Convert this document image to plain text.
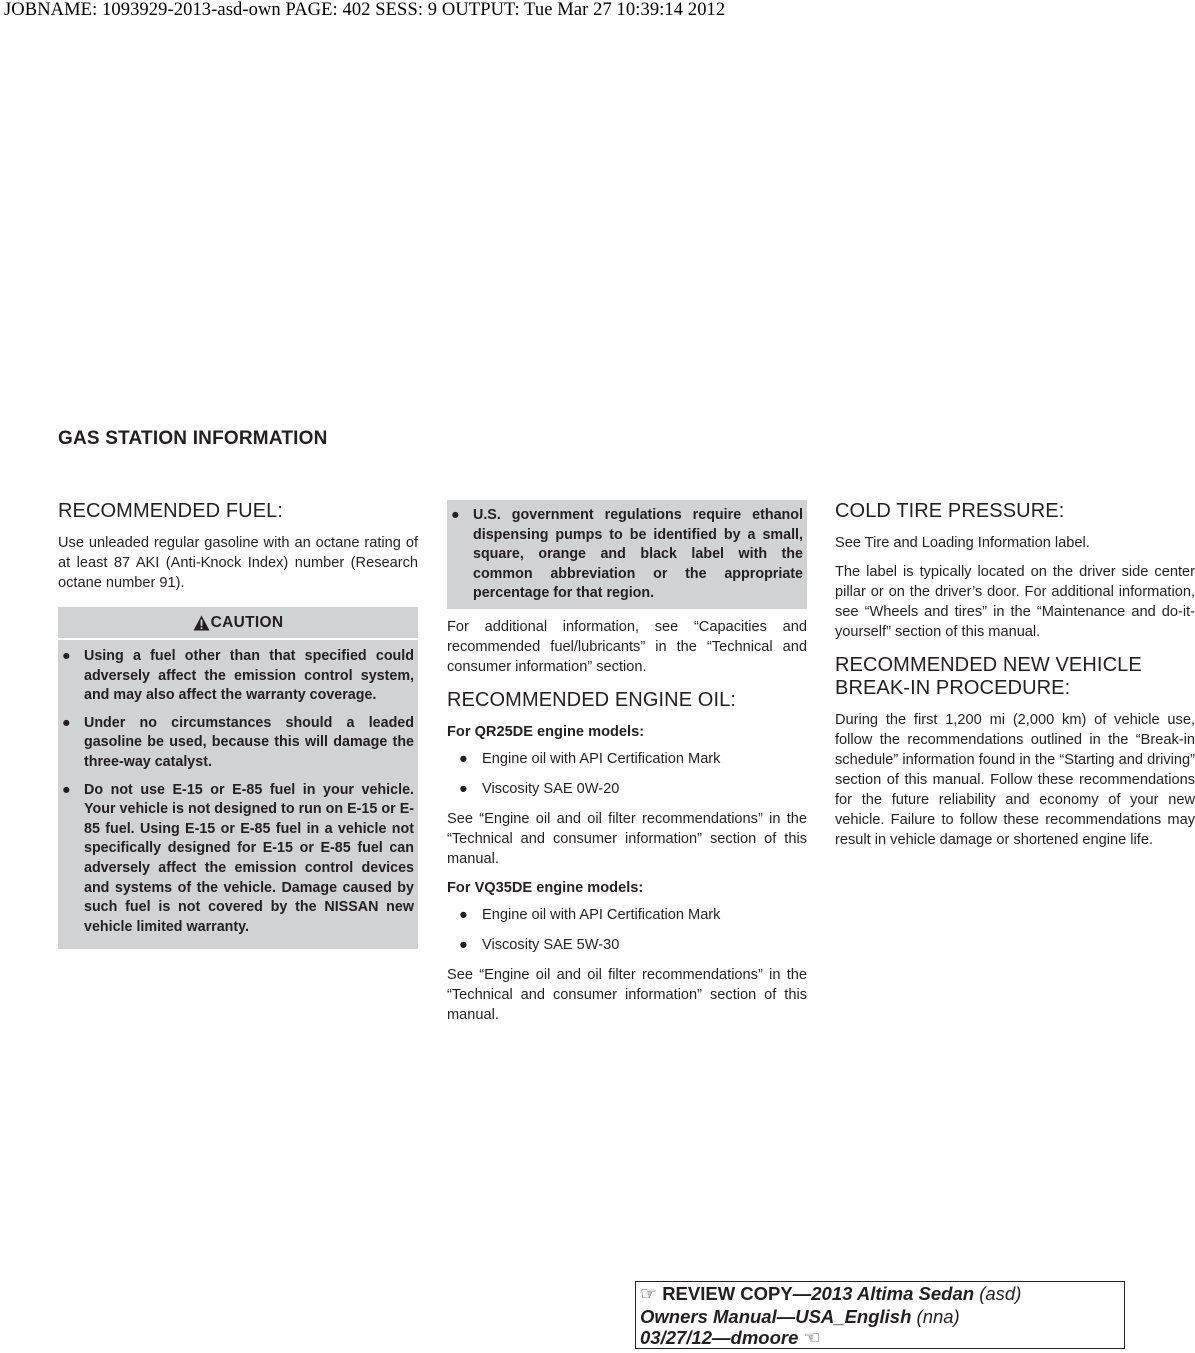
JOBNAME: 1093929-2013-asd-own PAGE: 402 SESS: 9 OUTPUT: Tue Mar 27 10:39:14 2012
GAS STATION INFORMATION
RECOMMENDED FUEL:

Use unleaded regular gasoline with an octane rating of at least 87 AKI (Anti-Knock Index) number (Research octane number 91).

CAUTION
● Using a fuel other than that specified could adversely affect the emission control system, and may also affect the warranty coverage.
● Under no circumstances should a leaded gasoline be used, because this will damage the three-way catalyst.
● Do not use E-15 or E-85 fuel in your vehicle. Your vehicle is not designed to run on E-15 or E-85 fuel. Using E-15 or E-85 fuel in a vehicle not specifically designed for E-15 or E-85 fuel can adversely affect the emission control devices and systems of the vehicle. Damage caused by such fuel is not covered by the NISSAN new vehicle limited warranty.
● U.S. government regulations require ethanol dispensing pumps to be identified by a small, square, orange and black label with the common abbreviation or the appropriate percentage for that region.

For additional information, see “Capacities and recommended fuel/lubricants” in the “Technical and consumer information” section.

RECOMMENDED ENGINE OIL:

For QR25DE engine models:

● Engine oil with API Certification Mark
● Viscosity SAE 0W-20

See “Engine oil and oil filter recommendations” in the “Technical and consumer information” section of this manual.

For VQ35DE engine models:

● Engine oil with API Certification Mark
● Viscosity SAE 5W-30

See “Engine oil and oil filter recommendations” in the “Technical and consumer information” section of this manual.

COLD TIRE PRESSURE:

See Tire and Loading Information label.

The label is typically located on the driver side center pillar or on the driver’s door. For additional information, see “Wheels and tires” in the “Maintenance and do-it-yourself” section of this manual.

RECOMMENDED NEW VEHICLE
BREAK-IN PROCEDURE:

During the first 1,200 mi (2,000 km) of vehicle use, follow the recommendations outlined in the “Break-in schedule” information found in the “Starting and driving” section of this manual. Follow these recommendations for the future reliability and economy of your new vehicle. Failure to follow these recommendations may result in vehicle damage or shortened engine life.

☞ REVIEW COPY—2013 Altima Sedan (asd)
Owners Manual—USA_English (nna)
03/27/12—dmoore ☜
